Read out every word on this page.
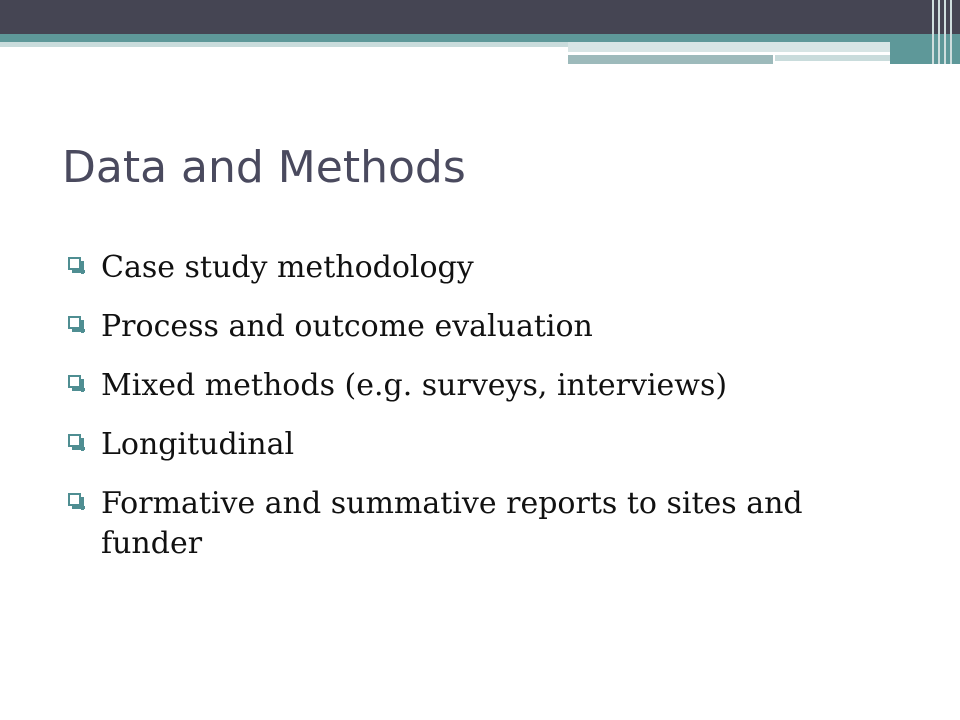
Data and Methods
Case study methodology
Process and outcome evaluation
Mixed methods (e.g. surveys, interviews)
Longitudinal
Formative and summative reports to sites and funder
